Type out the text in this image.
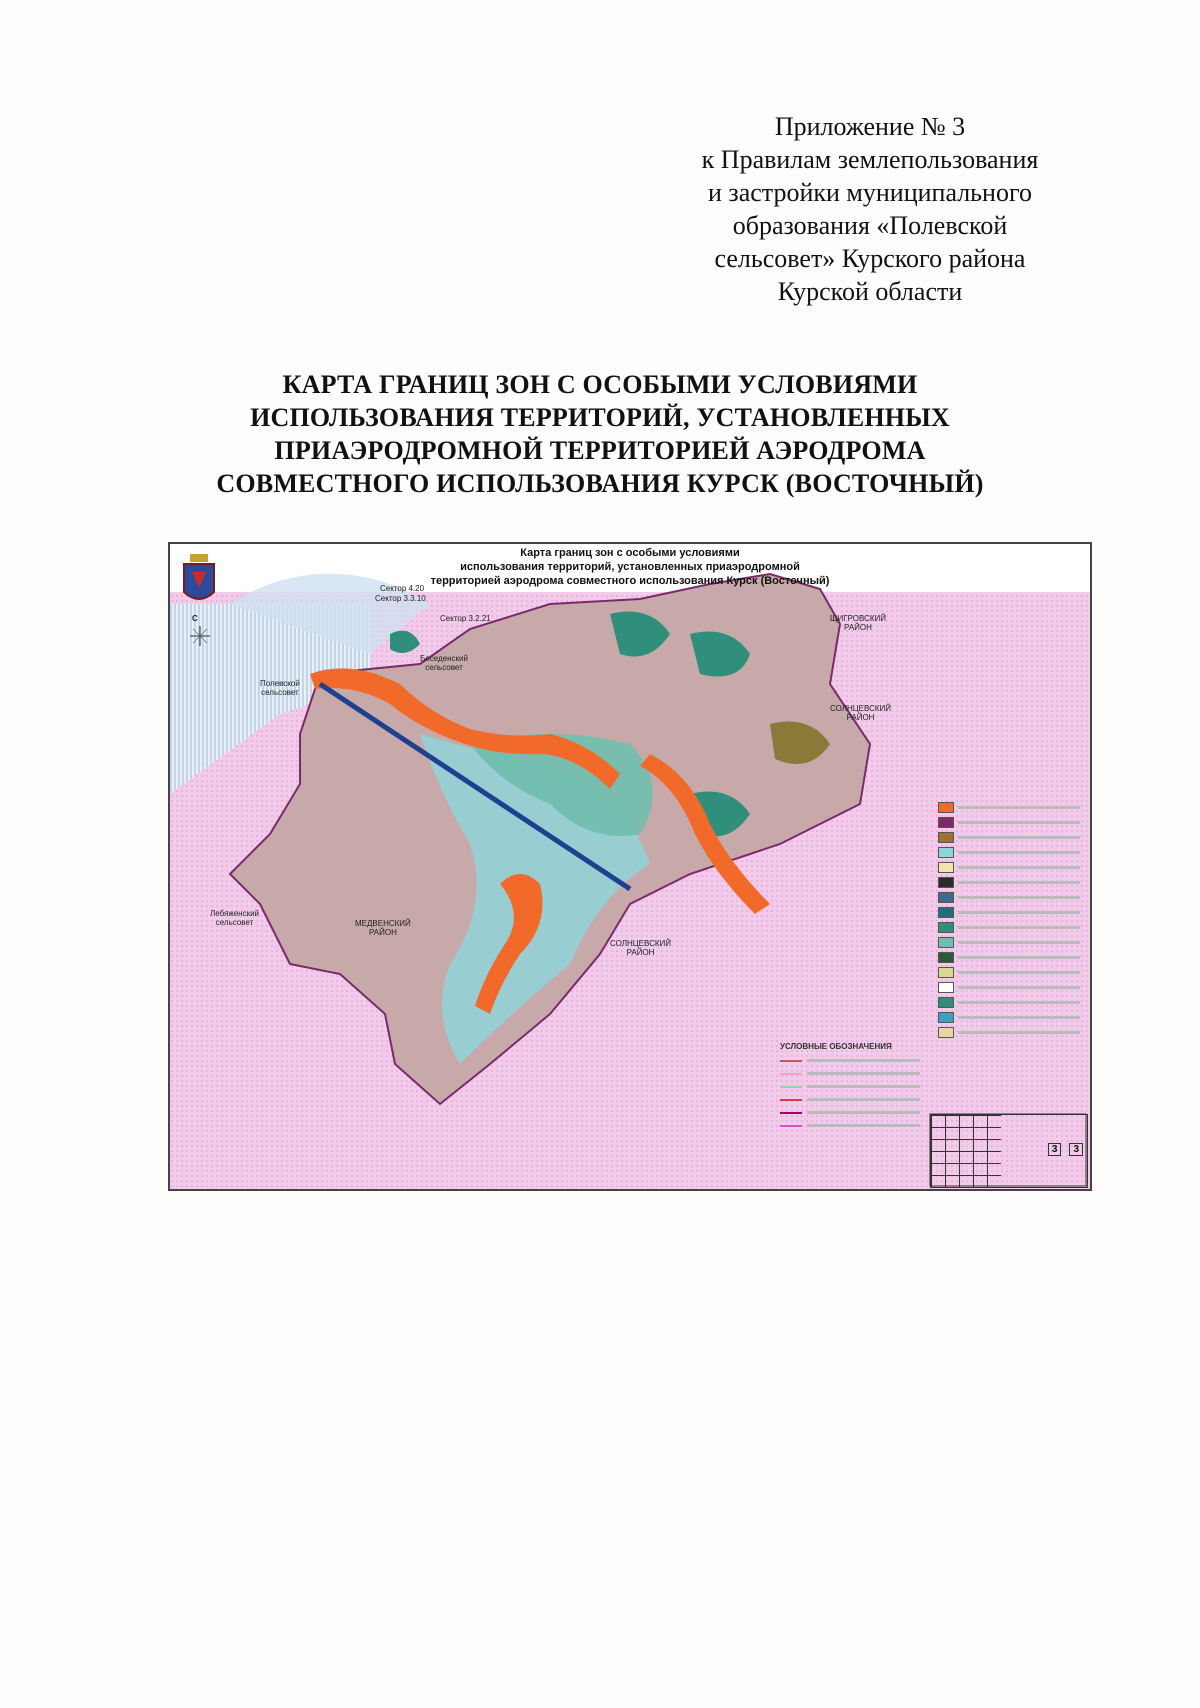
Приложение № 3
к Правилам землепользования
и застройки муниципального
образования «Полевской
сельсовет» Курского района
Курской области
КАРТА ГРАНИЦ ЗОН С ОСОБЫМИ УСЛОВИЯМИ
ИСПОЛЬЗОВАНИЯ ТЕРРИТОРИЙ, УСТАНОВЛЕННЫХ
ПРИАЭРОДРОМНОЙ ТЕРРИТОРИЕЙ АЭРОДРОМА
СОВМЕСТНОГО ИСПОЛЬЗОВАНИЯ КУРСК (ВОСТОЧНЫЙ)
Карта границ зон с особыми условиями
использования территорий, установленных приаэродромной
территорией аэродрома совместного использования Курск (Восточный)
С	ЩИГРОВСКИЙ
РАЙОН
СОЛНЦЕВСКИЙ
РАЙОН
СОЛНЦЕВСКИЙ
РАЙОН
МЕДВЕНСКИЙ
РАЙОН
Беседенский
сельсовет
Полевской
сельсовет
Лебяженский
сельсовет
Сектор 3.2.21
Сектор 3.3.10
Сектор 4.20
УСЛОВНЫЕ ОБОЗНАЧЕНИЯ
3	3
